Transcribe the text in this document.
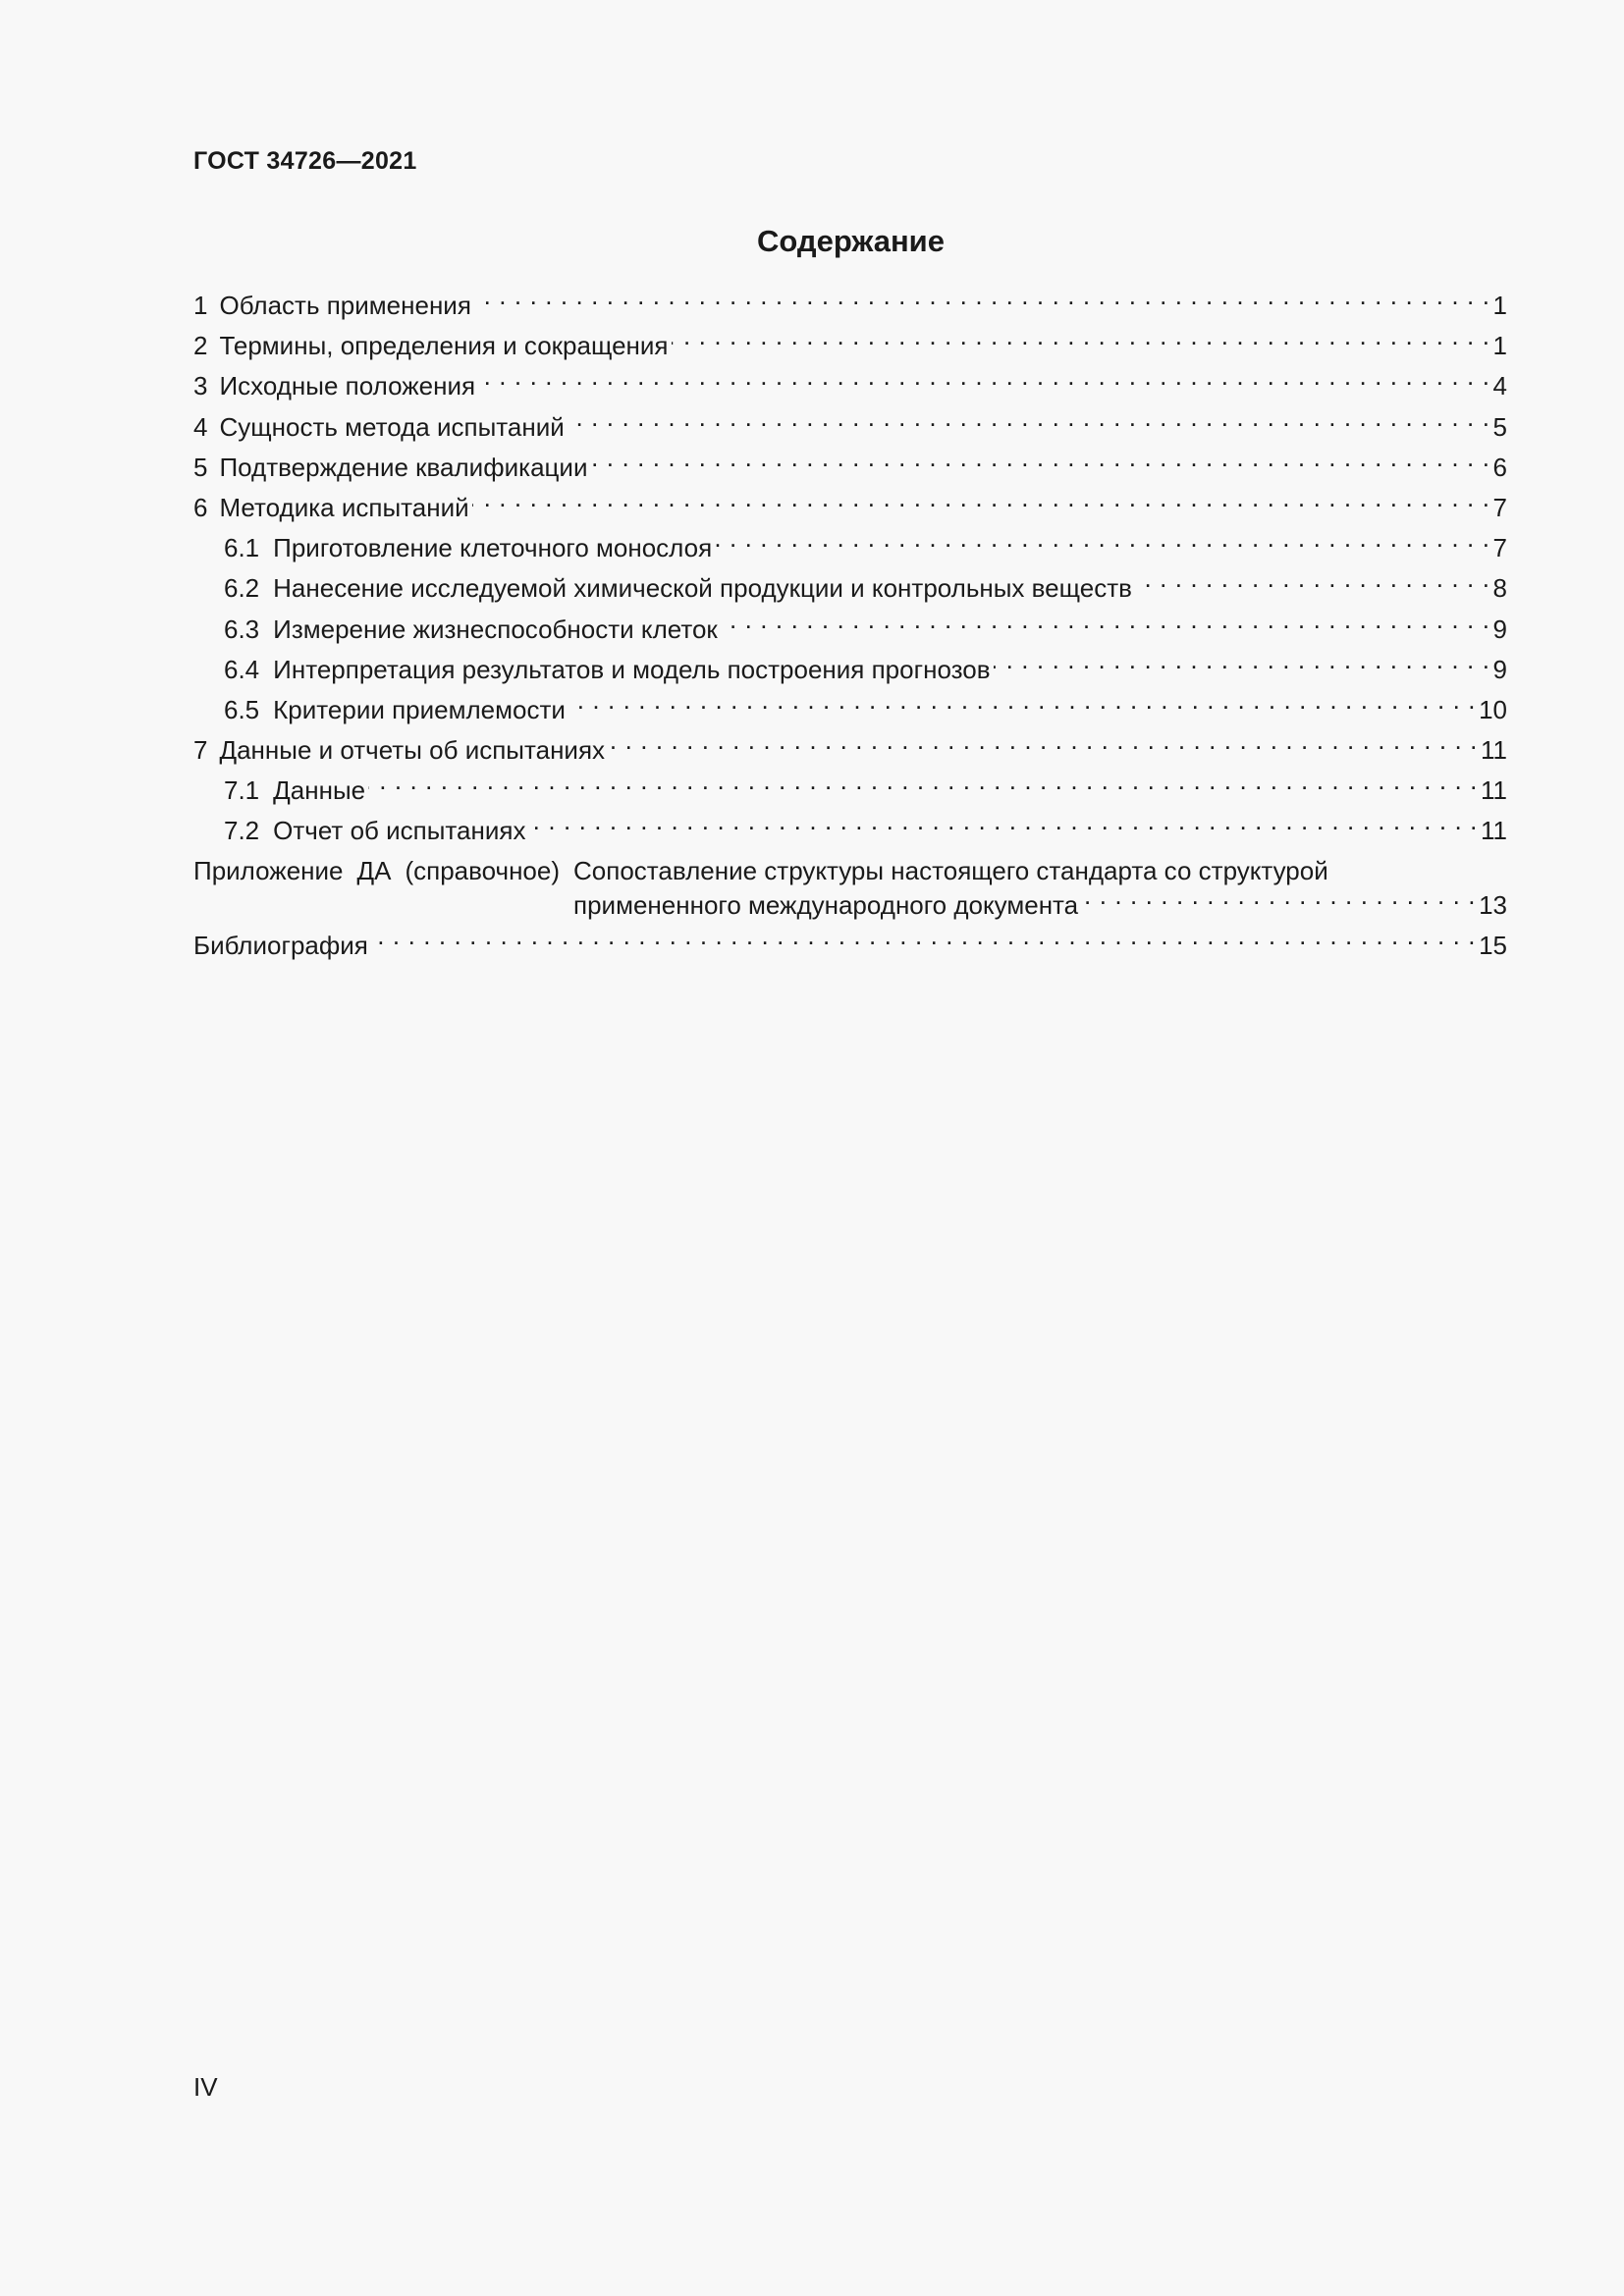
ГОСТ 34726—2021
Содержание
1 Область применения . . .	1
2 Термины, определения и сокращения . . .	1
3 Исходные положения . . .	4
4 Сущность метода испытаний . . .	5
5 Подтверждение квалификации . . .	6
6 Методика испытаний . . .	7
6.1 Приготовление клеточного монослоя . . .	7
6.2 Нанесение исследуемой химической продукции и контрольных веществ . . .	8
6.3 Измерение жизнеспособности клеток . . .	9
6.4 Интерпретация результатов и модель построения прогнозов . . .	9
6.5 Критерии приемлемости . . .	10
7 Данные и отчеты об испытаниях . . .	11
7.1 Данные . . .	11
7.2 Отчет об испытаниях . . .	11
Приложение ДА (справочное) Сопоставление структуры настоящего стандарта со структурой
примененного международного документа . . .	13
Библиография . . .	15
IV
